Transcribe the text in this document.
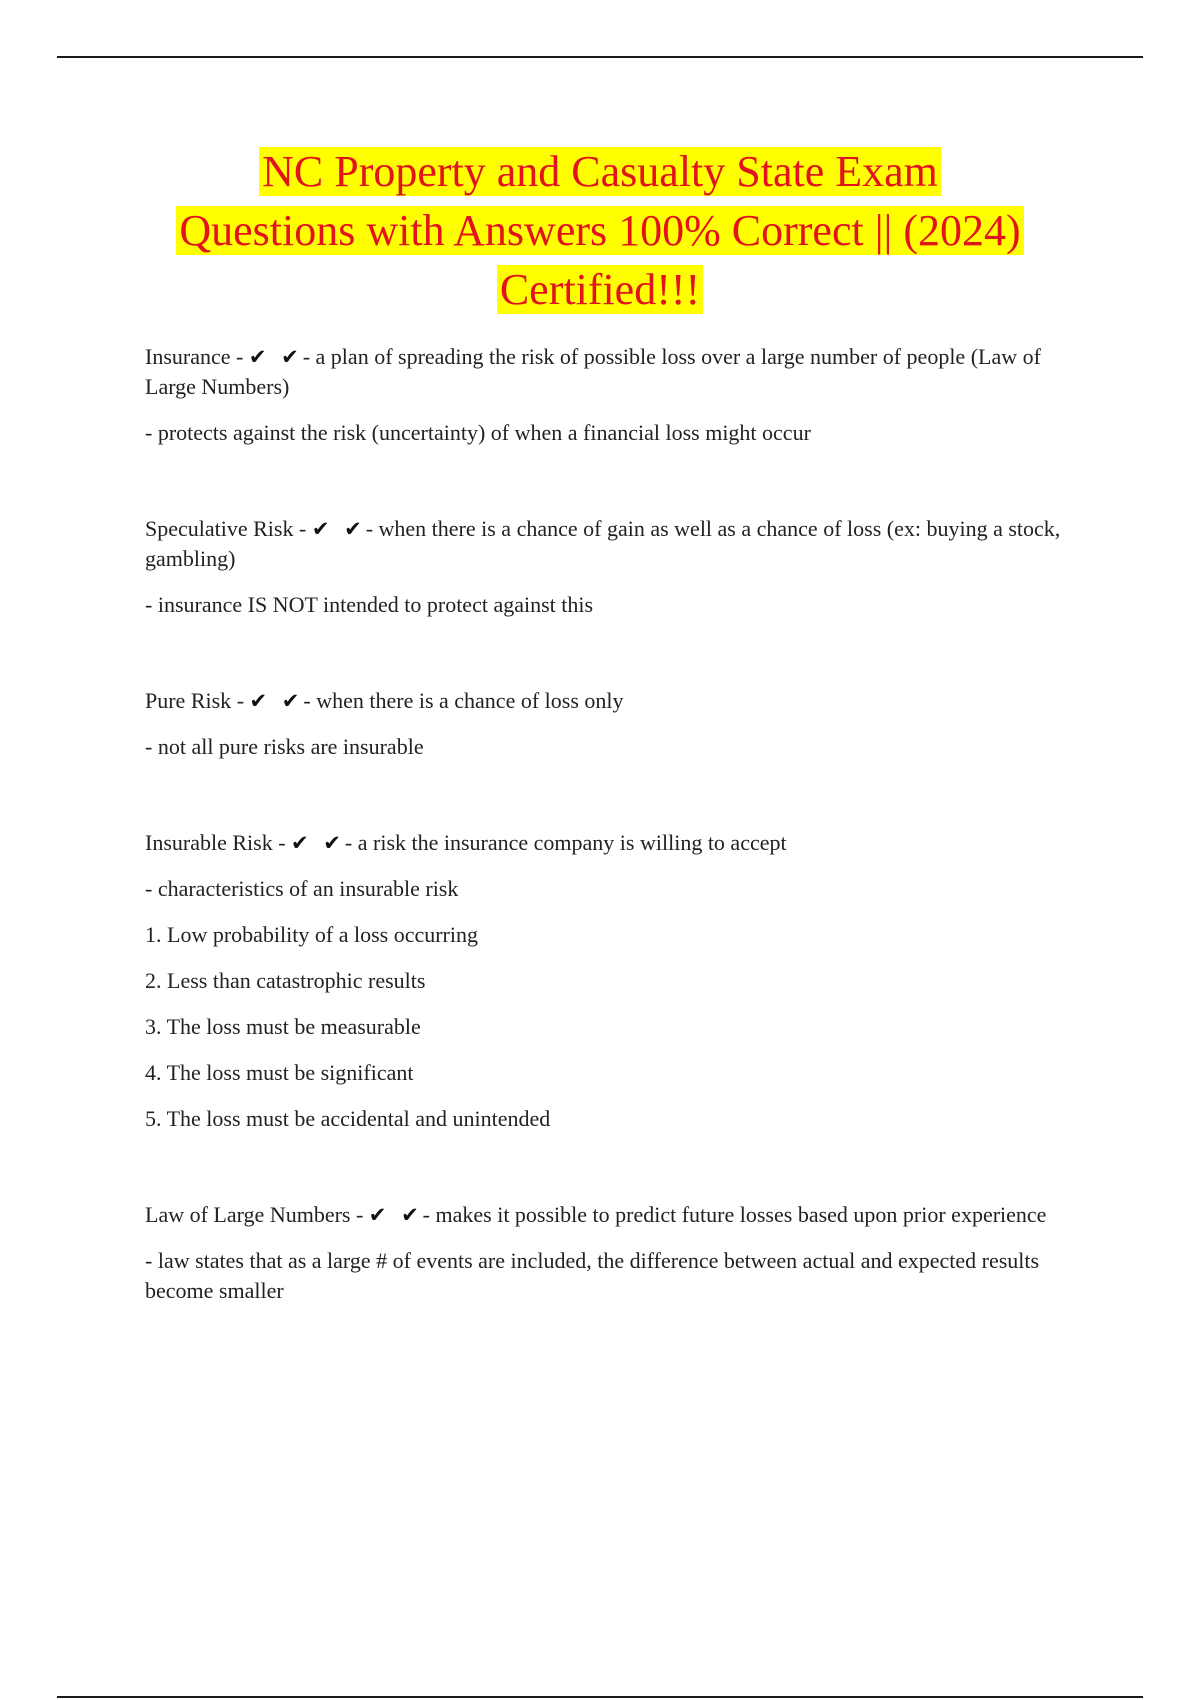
NC Property and Casualty State Exam
Questions with Answers 100% Correct || (2024)
Certified!!!

Insurance - ✔ ✔- a plan of spreading the risk of possible loss over a large number of people (Law of Large Numbers)

- protects against the risk (uncertainty) of when a financial loss might occur

Speculative Risk - ✔ ✔- when there is a chance of gain as well as a chance of loss (ex: buying a stock, gambling)

- insurance IS NOT intended to protect against this

Pure Risk - ✔ ✔- when there is a chance of loss only

- not all pure risks are insurable

Insurable Risk - ✔ ✔- a risk the insurance company is willing to accept

- characteristics of an insurable risk

1. Low probability of a loss occurring

2. Less than catastrophic results

3. The loss must be measurable

4. The loss must be significant

5. The loss must be accidental and unintended

Law of Large Numbers - ✔ ✔- makes it possible to predict future losses based upon prior experience

- law states that as a large # of events are included, the difference between actual and expected results become smaller
